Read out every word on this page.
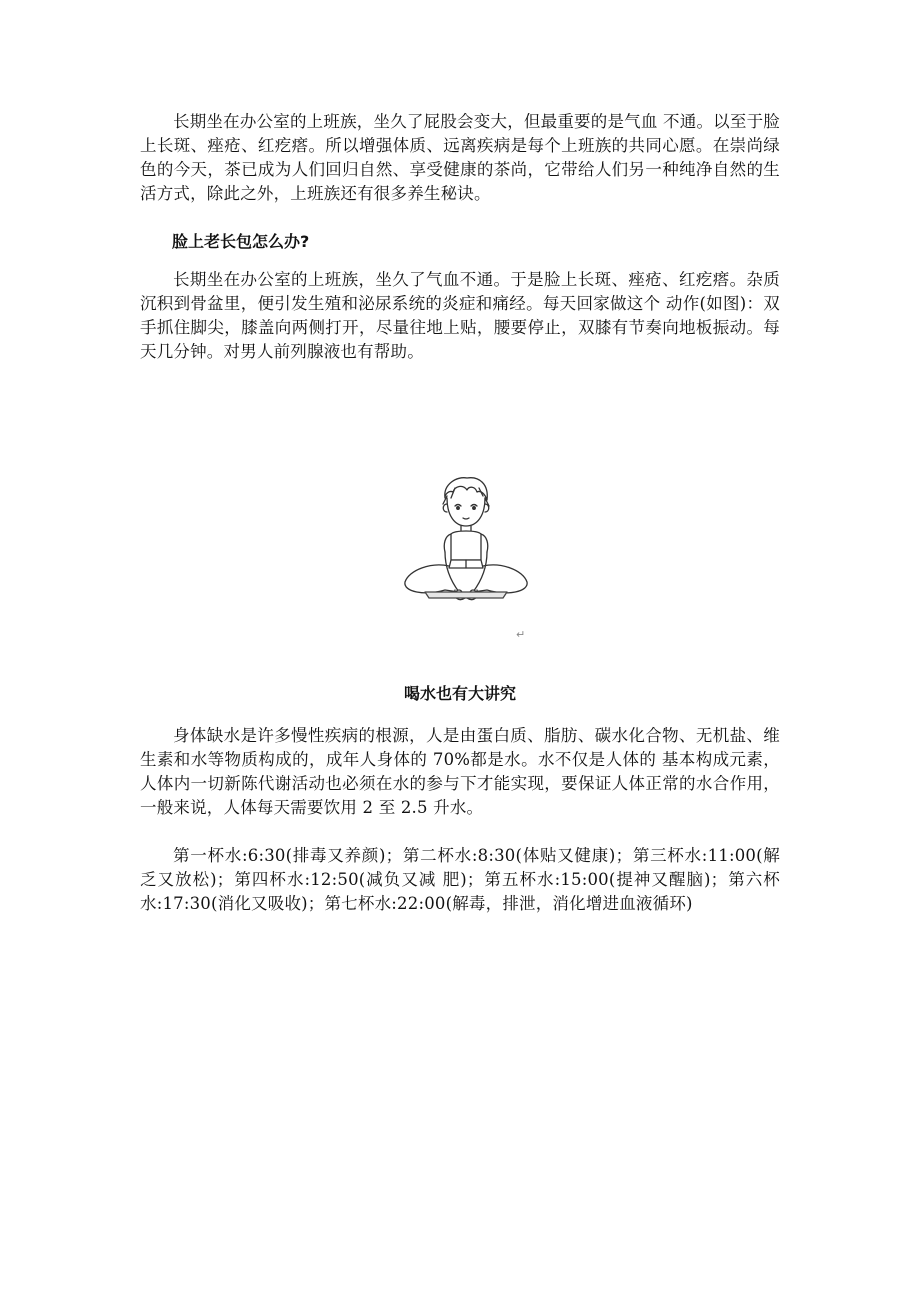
长期坐在办公室的上班族，坐久了屁股会变大，但最重要的是气血 不通。以至于脸上长斑、痤疮、红疙瘩。所以增强体质、远离疾病是每个上班族的共同心愿。在崇尚绿色的今天，茶已成为人们回归自然、享受健康的茶尚，它带给人们另一种纯净自然的生活方式，除此之外，上班族还有很多养生秘诀。

脸上老长包怎么办?

长期坐在办公室的上班族，坐久了气血不通。于是脸上长斑、痤疮、红疙瘩。杂质沉积到骨盆里，便引发生殖和泌尿系统的炎症和痛经。每天回家做这个 动作(如图)：双手抓住脚尖，膝盖向两侧打开，尽量往地上贴，腰要停止，双膝有节奏向地板振动。每天几分钟。对男人前列腺液也有帮助。

↵

喝水也有大讲究

身体缺水是许多慢性疾病的根源，人是由蛋白质、脂肪、碳水化合物、无机盐、维生素和水等物质构成的，成年人身体的 70%都是水。水不仅是人体的 基本构成元素，人体内一切新陈代谢活动也必须在水的参与下才能实现，要保证人体正常的水合作用，一般来说，人体每天需要饮用 2 至 2.5 升水。

第一杯水:6:30(排毒又养颜)；第二杯水:8:30(体贴又健康)；第三杯水:11:00(解乏又放松)；第四杯水:12:50(减负又减 肥)；第五杯水:15:00(提神又醒脑)；第六杯水:17:30(消化又吸收)；第七杯水:22:00(解毒，排泄，消化增进血液循环)
